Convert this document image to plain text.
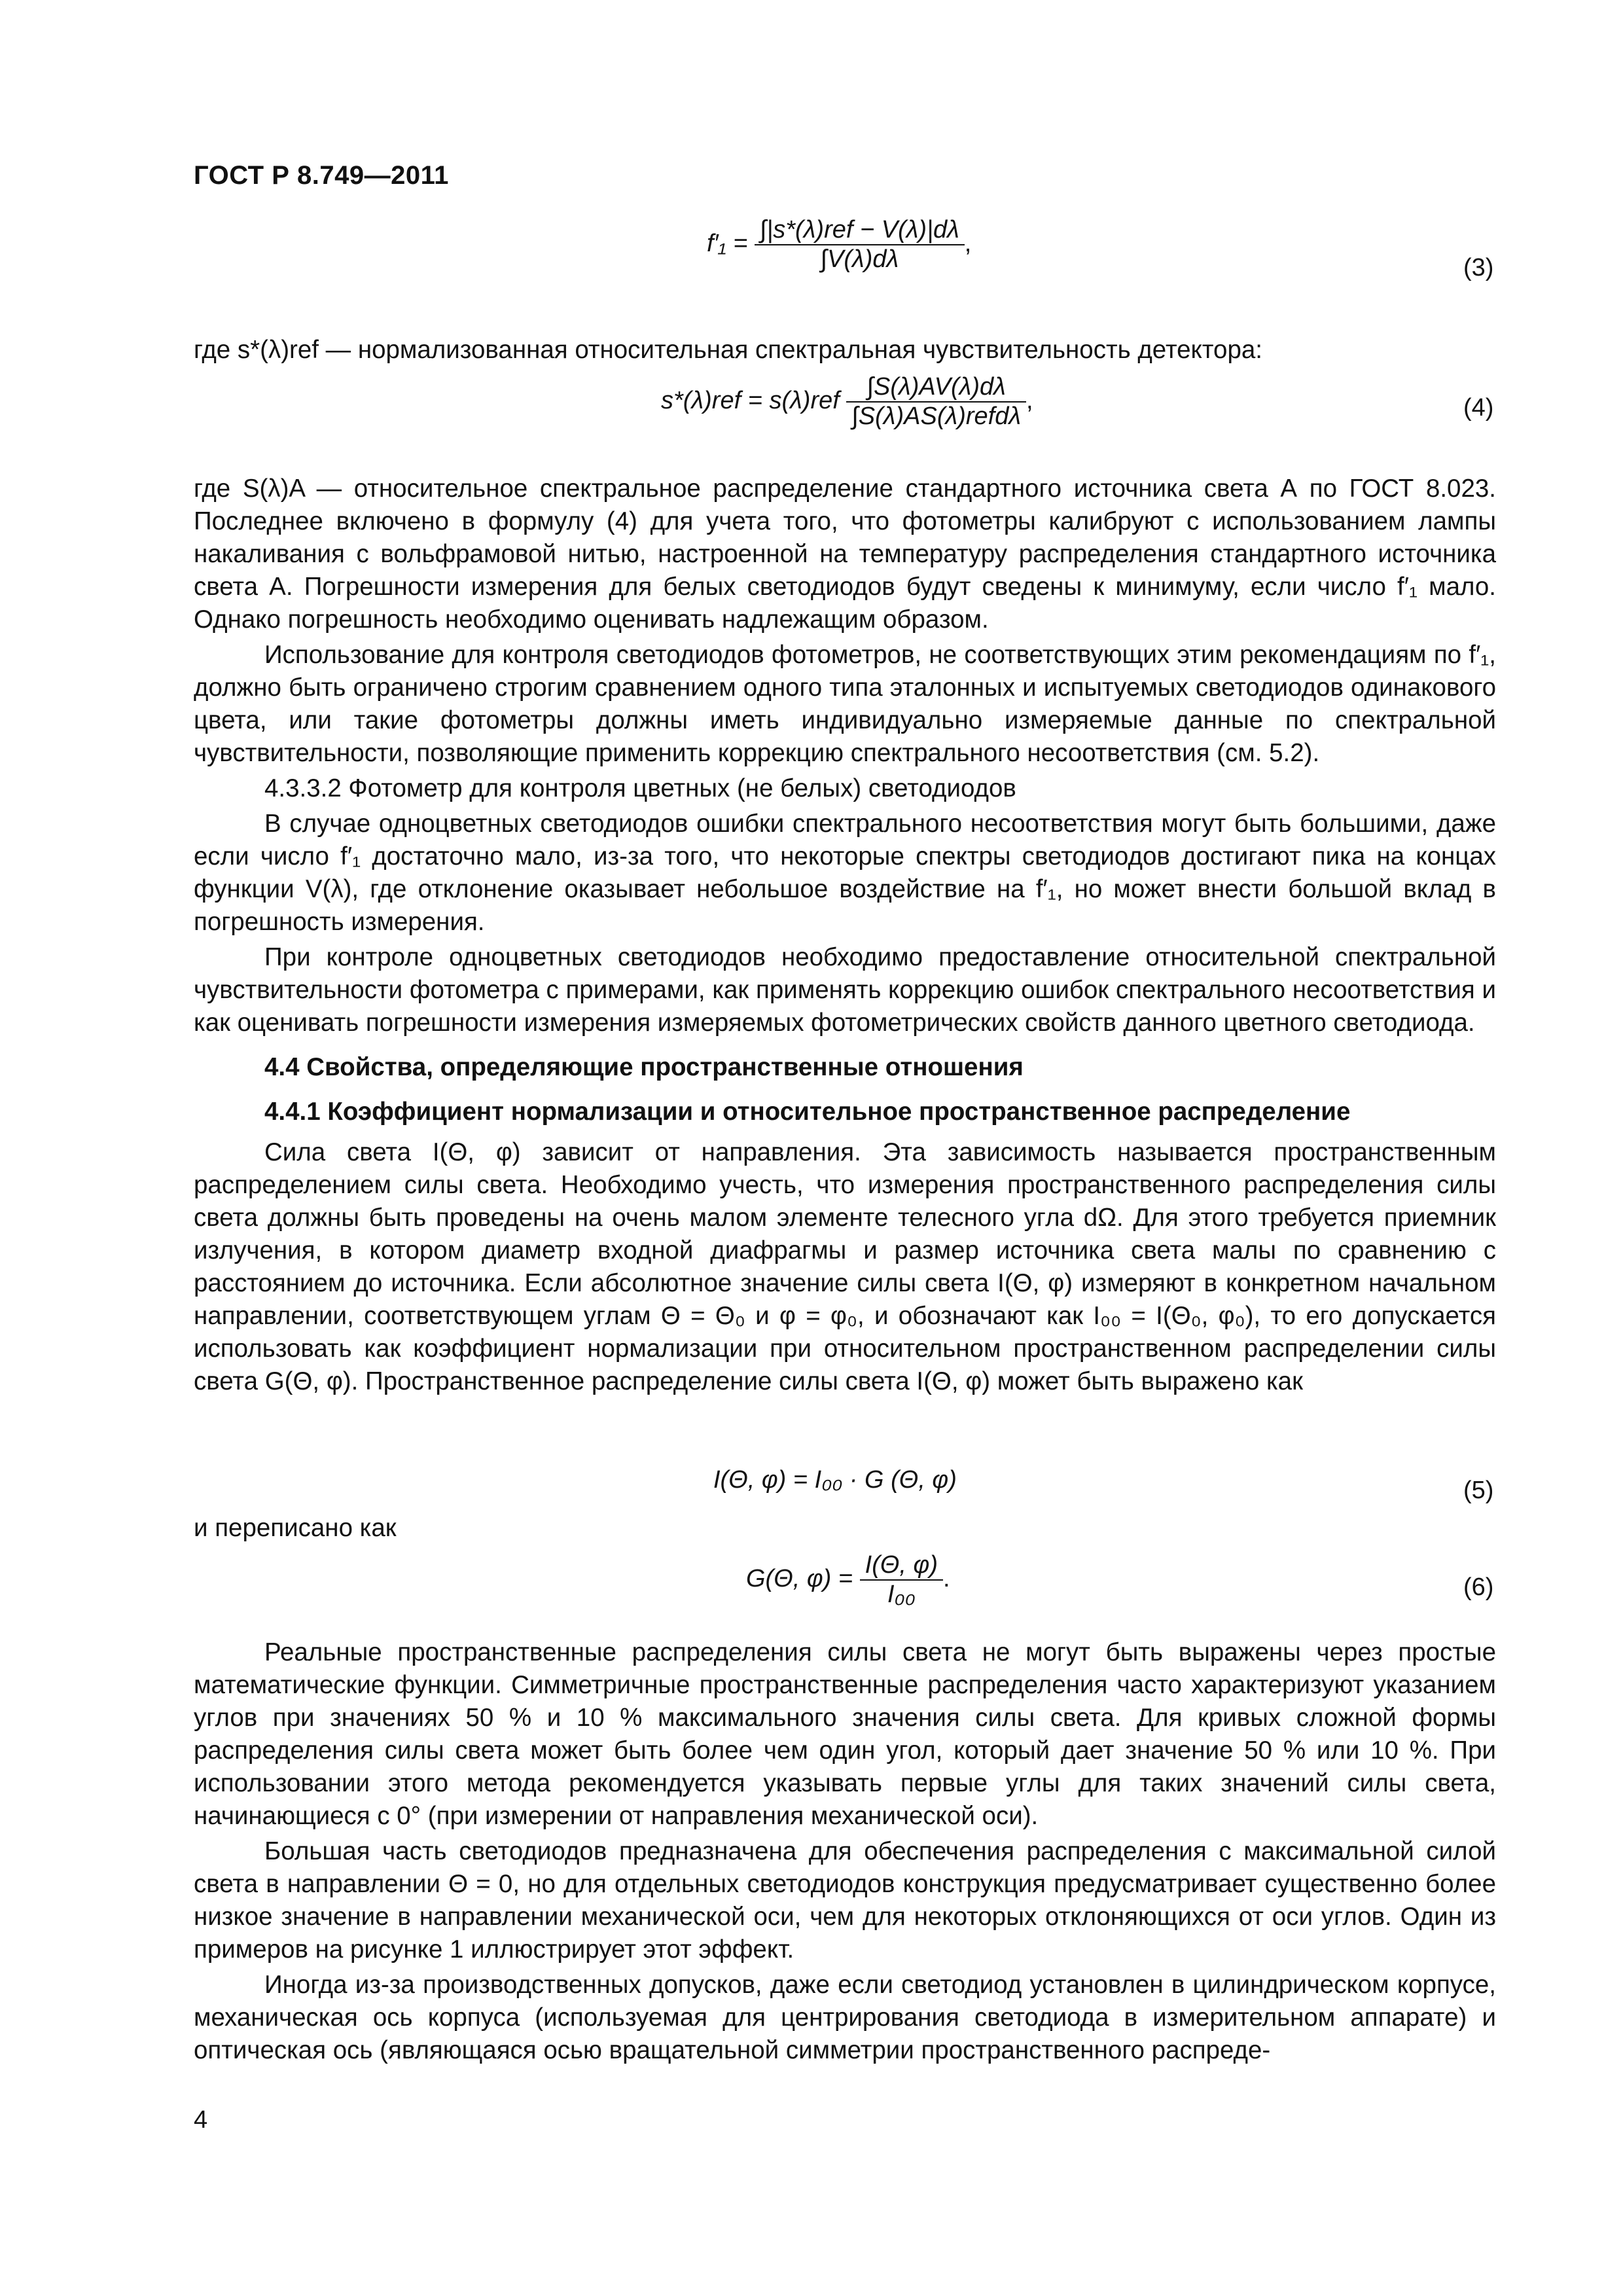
ГОСТ Р 8.749—2011
$f'_1 = \frac{\text{∫|s*(λ)ref − V(λ)|dλ}}{\int V(\lambda)d\lambda}$ ,
(3)
где s*(λ)ref — нормализованная относительная спектральная чувствительность детектора:
$s*(\lambda)ref = s(\lambda)ref \frac{\int S(\lambda)AV(\lambda)d\lambda}{\text{∫S(λ)AS(λ)refdλ}}$ ,	(4)

где S(λ)A — относительное спектральное распределение стандартного источника света А по ГОСТ 8.023. Последнее включено в формулу (4) для учета того, что фотометры калибруют с использованием лампы накаливания с вольфрамовой нитью, настроенной на температуру распределения стандартного источника света А. Погрешности измерения для белых светодиодов будут сведены к минимуму, если число f′₁ мало. Однако погрешность необходимо оценивать надлежащим образом.

Использование для контроля светодиодов фотометров, не соответствующих этим рекомендациям по f′₁, должно быть ограничено строгим сравнением одного типа эталонных и испытуемых светодиодов одинакового цвета, или такие фотометры должны иметь индивидуально измеряемые данные по спектральной чувствительности, позволяющие применить коррекцию спектрального несоответствия (см. 5.2).

4.3.3.2 Фотометр для контроля цветных (не белых) светодиодов

В случае одноцветных светодиодов ошибки спектрального несоответствия могут быть большими, даже если число f′₁ достаточно мало, из-за того, что некоторые спектры светодиодов достигают пика на концах функции V(λ), где отклонение оказывает небольшое воздействие на f′₁, но может внести большой вклад в погрешность измерения.

При контроле одноцветных светодиодов необходимо предоставление относительной спектральной чувствительности фотометра с примерами, как применять коррекцию ошибок спектрального несоответствия и как оценивать погрешности измерения измеряемых фотометрических свойств данного цветного светодиода.

4.4 Свойства, определяющие пространственные отношения

4.4.1 Коэффициент нормализации и относительное пространственное распределение

Сила света I(Θ, φ) зависит от направления. Эта зависимость называется пространственным распределением силы света. Необходимо учесть, что измерения пространственного распределения силы света должны быть проведены на очень малом элементе телесного угла dΩ. Для этого требуется приемник излучения, в котором диаметр входной диафрагмы и размер источника света малы по сравнению с расстоянием до источника. Если абсолютное значение силы света I(Θ, φ) измеряют в конкретном начальном направлении, соответствующем углам Θ = Θ₀ и φ = φ₀, и обозначают как I₀₀ = I(Θ₀, φ₀), то его допускается использовать как коэффициент нормализации при относительном пространственном распределении силы света G(Θ, φ). Пространственное распределение силы света I(Θ, φ) может быть выражено как

I(Θ, φ) = I₀₀ · G (Θ, φ)	(5)
и переписано как
G(Θ, $\varphi) = \frac{I(\Theta, \varphi)}{\text{I₀₀}}$ .	(6)

Реальные пространственные распределения силы света не могут быть выражены через простые математические функции. Симметричные пространственные распределения часто характеризуют указанием углов при значениях 50 % и 10 % максимального значения силы света. Для кривых сложной формы распределения силы света может быть более чем один угол, который дает значение 50 % или 10 %. При использовании этого метода рекомендуется указывать первые углы для таких значений силы света, начинающиеся с 0° (при измерении от направления механической оси).

Большая часть светодиодов предназначена для обеспечения распределения с максимальной силой света в направлении Θ = 0, но для отдельных светодиодов конструкция предусматривает существенно более низкое значение в направлении механической оси, чем для некоторых отклоняющихся от оси углов. Один из примеров на рисунке 1 иллюстрирует этот эффект.

Иногда из-за производственных допусков, даже если светодиод установлен в цилиндрическом корпусе, механическая ось корпуса (используемая для центрирования светодиода в измерительном аппарате) и оптическая ось (являющаяся осью вращательной симметрии пространственного распреде-

4
